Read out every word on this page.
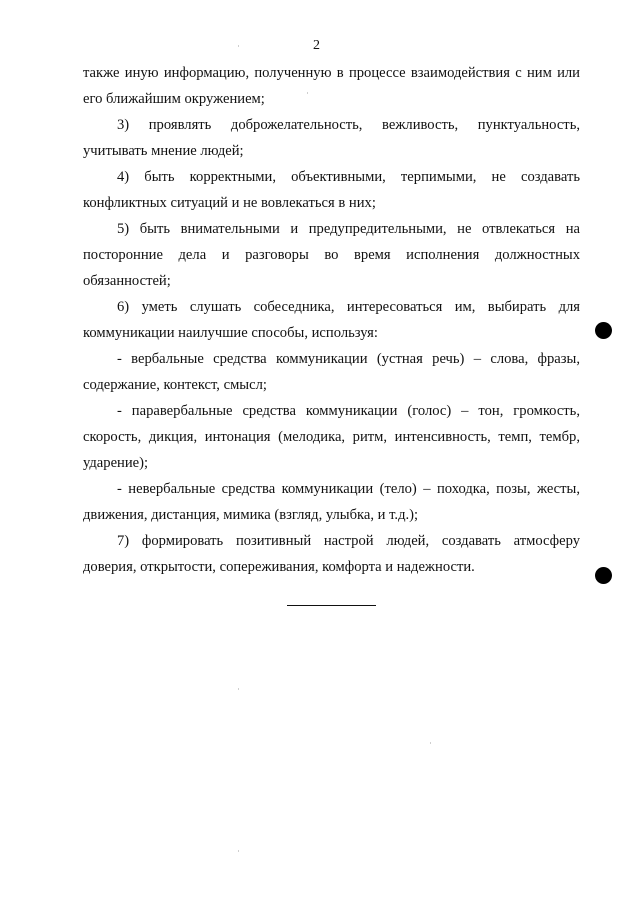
2

также иную информацию, полученную в процессе взаимодействия с ним или его ближайшим окружением;

3) проявлять доброжелательность, вежливость, пунктуальность, учитывать мнение людей;

4) быть корректными, объективными, терпимыми, не создавать конфликтных ситуаций и не вовлекаться в них;

5) быть внимательными и предупредительными, не отвлекаться на посторонние дела и разговоры во время исполнения должностных обязанностей;

6) уметь слушать собеседника, интересоваться им, выбирать для коммуникации наилучшие способы, используя:

- вербальные средства коммуникации (устная речь) – слова, фразы, содержание, контекст, смысл;

- паравербальные средства коммуникации (голос) – тон, громкость, скорость, дикция, интонация (мелодика, ритм, интенсивность, темп, тембр, ударение);

- невербальные средства коммуникации (тело) – походка, позы, жесты, движения, дистанция, мимика (взгляд, улыбка, и т.д.);

7) формировать позитивный настрой людей, создавать атмосферу доверия, открытости, сопереживания, комфорта и надежности.
